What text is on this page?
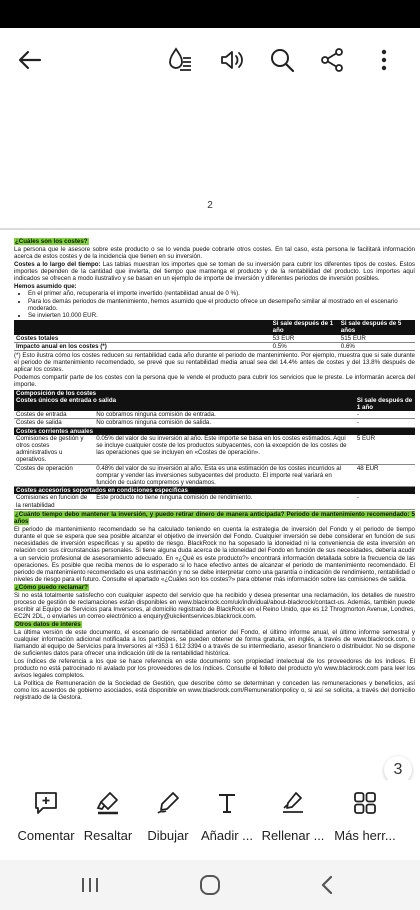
2

¿Cuáles son los costes?

La persona que le asesore sobre este producto o se lo venda puede cobrarle otros costes. En tal caso, esta persona le facilitará información acerca de estos costes y de la incidencia que tienen en su inversión.

Costes a lo largo del tiempo: Las tablas muestran los importes que se toman de su inversión para cubrir los diferentes tipos de costes. Estos importes dependen de la cantidad que invierta, del tiempo que mantenga el producto y de la rentabilidad del producto. Los importes aquí indicados se ofrecen a modo ilustrativo y se basan en un ejemplo de importe de inversión y diferentes periodos de inversión posibles.

Hemos asumido que:

• En el primer año, recuperaría el importe invertido (rentabilidad anual de 0 %).
• Para los demás periodos de mantenimiento, hemos asumido que el producto ofrece un desempeño similar al mostrado en el escenario moderado.
• Se invierten 10.000 EUR.
	Si sale después de 1 año	Si sale después de 5 años
Costes totales	53 EUR	515 EUR
Impacto anual en los costes (*)	0.5%	0.6%

(*) Esto ilustra cómo los costes reducen su rentabilidad cada año durante el periodo de mantenimiento. Por ejemplo, muestra que si sale durante el periodo de mantenimiento recomendado, se prevé que su rentabilidad media anual sea del 14.4% antes de costes y del 13.8% después de aplicar los costes.

Podemos compartir parte de los costes con la persona que le vende el producto para cubrir los servicios que le preste. Le informarán acerca del importe.

Composición de los costes		
Costes únicos de entrada o salida		Si sale después de 1 año
Costes de entrada	No cobramos ninguna comisión de entrada.	-
Costes de salida	No cobramos ninguna comisión de salida.	-
Costes corrientes anuales		
Comisiones de gestión y otros costes administrativos u operativos.	0.05% del valor de su inversión al año. Este importe se basa en los costes estimados. Aquí se incluye cualquier coste de los productos subyacentes, con la excepción de los costes de las operaciones que se incluyen en «Costes de operación».	5 EUR
Costes de operación	0.48% del valor de su inversión al año. Esta es una estimación de los costes incurridos al comprar y vender las inversiones subyacentes del producto. El importe real variará en función de cuánto compremos y vendamos.	48 EUR
Costes accesorios soportados en condiciones específicas		
Comisiones en función de la rentabilidad	Este producto no tiene ninguna comisión de rendimiento.	-

¿Cuánto tiempo debo mantener la inversión, y puedo retirar dinero de manera anticipada? Periodo de mantenimiento recomendado: 5 años

El periodo de mantenimiento recomendado se ha calculado teniendo en cuenta la estrategia de inversión del Fondo y el periodo de tiempo durante el que se espera que sea posible alcanzar el objetivo de inversión del Fondo. Cualquier inversión se debe considerar en función de sus necesidades de inversión específicas y su apetito de riesgo. BlackRock no ha sopesado la idoneidad ni la conveniencia de esta inversión en relación con sus circunstancias personales. Si tiene alguna duda acerca de la idoneidad del Fondo en función de sus necesidades, debería acudir a un servicio profesional de asesoramiento adecuado. En «¿Qué es este producto?» encontrará información detallada sobre la frecuencia de las operaciones. Es posible que reciba menos de lo esperado si lo hace efectivo antes de alcanzar el periodo de mantenimiento recomendado. El periodo de mantenimiento recomendado es una estimación y no se debe interpretar como una garantía o indicación de rendimiento, rentabilidad o niveles de riesgo para el futuro. Consulte el apartado «¿Cuáles son los costes?» para obtener más información sobre las comisiones de salida.

¿Cómo puedo reclamar?

Si no está totalmente satisfecho con cualquier aspecto del servicio que ha recibido y desea presentar una reclamación, los detalles de nuestro proceso de gestión de reclamaciones están disponibles en www.blackrock.com/uk/individual/about-blackrock/contact-us. Además, también puede escribir al Equipo de Servicios para Inversores, al domicilio registrado de BlackRock en el Reino Unido, que es 12 Throgmorton Avenue, Londres, EC2N 2DL, o enviarles un correo electrónico a enquiry@ukclientservices.blackrock.com.

Otros datos de interés

La última versión de este documento, el escenario de rentabilidad anterior del Fondo, el último informe anual, el último informe semestral y cualquier información adicional notificada a los partícipes, se pueden obtener de forma gratuita, en inglés, a través de www.blackrock.com, o llamando al equipo de Servicios para Inversores al +353 1 612 3394 o a través de su intermediario, asesor financiero o distribuidor. No se dispone de suficientes datos para ofrecer una indicación útil de la rentabilidad histórica.

Los índices de referencia a los que se hace referencia en este documento son propiedad intelectual de los proveedores de los índices. El producto no está patrocinado ni avalado por los proveedores de los índices. Consulte el folleto del producto y/o www.blackrock.com para leer los avisos legales completos.

La Política de Remuneración de la Sociedad de Gestión, que describe cómo se determinan y conceden las remuneraciones y beneficios, así como los acuerdos de gobierno asociados, está disponible en www.blackrock.com/Remunerationpolicy o, si así se solicita, a través del domicilio registrado de la Gestora.

3
Comentar Resaltar Dibujar Añadir ... Rellenar ... Más herr...
